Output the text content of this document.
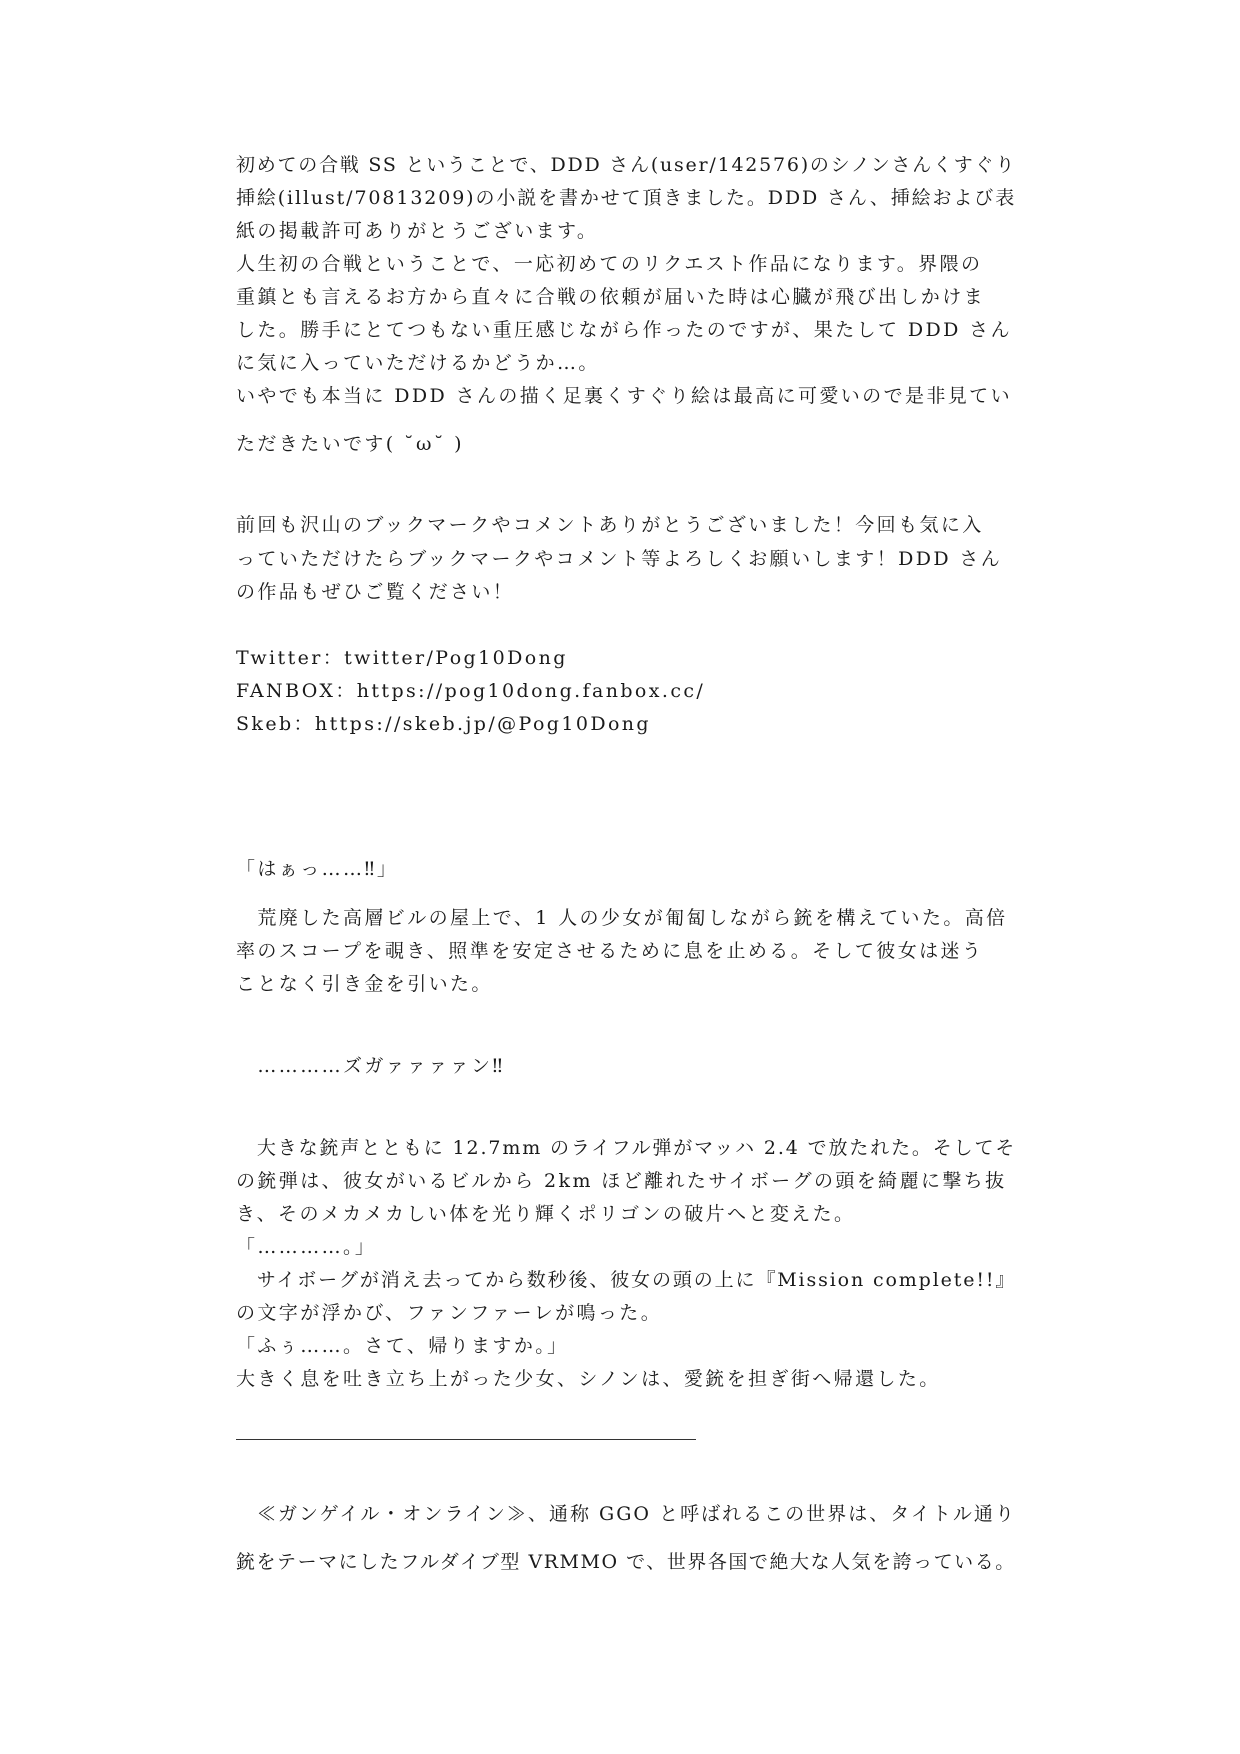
初めての合戦 SS ということで、DDD さん(user/142576)のシノンさんくすぐり
挿絵(illust/70813209)の小説を書かせて頂きました。DDD さん、挿絵および表
紙の掲載許可ありがとうございます。
人生初の合戦ということで、一応初めてのリクエスト作品になります。界隈の
重鎮とも言えるお方から直々に合戦の依頼が届いた時は心臓が飛び出しかけま
した。勝手にとてつもない重圧感じながら作ったのですが、果たして DDD さん
に気に入っていただけるかどうか…。
いやでも本当に DDD さんの描く足裏くすぐり絵は最高に可愛いので是非見てい
ただきたいです( ˘ω˘ )
前回も沢山のブックマークやコメントありがとうございました！今回も気に入
っていただけたらブックマークやコメント等よろしくお願いします！DDD さん
の作品もぜひご覧ください！
Twitter：twitter/Pog10Dong
FANBOX：https://pog10dong.fanbox.cc/
Skeb：https://skeb.jp/@Pog10Dong
「はぁっ……‼」
　荒廃した高層ビルの屋上で、1 人の少女が匍匐しながら銃を構えていた。高倍
率のスコープを覗き、照準を安定させるために息を止める。そして彼女は迷う
ことなく引き金を引いた。
　…………ズガァァァァン‼
　大きな銃声とともに 12.7mm のライフル弾がマッハ 2.4 で放たれた。そしてそ
の銃弾は、彼女がいるビルから 2km ほど離れたサイボーグの頭を綺麗に撃ち抜
き、そのメカメカしい体を光り輝くポリゴンの破片へと変えた。
「…………。」
　サイボーグが消え去ってから数秒後、彼女の頭の上に『Mission complete!!』
の文字が浮かび、ファンファーレが鳴った。
「ふぅ……。さて、帰りますか。」
大きく息を吐き立ち上がった少女、シノンは、愛銃を担ぎ街へ帰還した。
　≪ガンゲイル・オンライン≫、通称 GGO と呼ばれるこの世界は、タイトル通り
銃をテーマにしたフルダイブ型 VRMMO で、世界各国で絶大な人気を誇っている。
